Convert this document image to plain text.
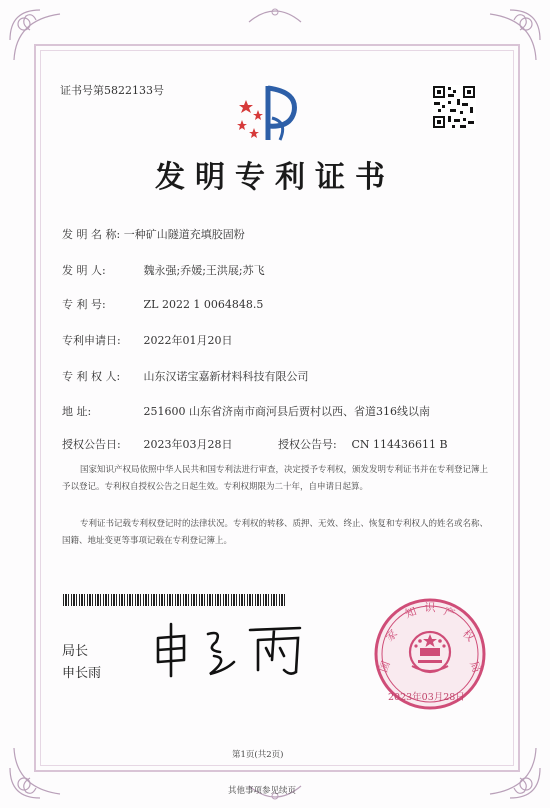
证书号第5822133号
发明专利证书
发 明 名 称: 一种矿山隧道充填胶固粉
发 明 人:	魏永强;乔媛;王洪展;苏飞
专 利 号:	ZL 2022 1 0064848.5
专利申请日: 2022年01月20日
专 利 权 人: 山东汉诺宝嘉新材料科技有限公司
地 址:	251600 山东省济南市商河县后贾村以西、省道316线以南
授权公告日: 2023年03月28日	授权公告号: CN 114436611 B
国家知识产权局依照中华人民共和国专利法进行审查，决定授予专利权，颁发发明专利证书并在专利登记簿上予以登记。专利权自授权公告之日起生效。专利权期限为二十年，自申请日起算。
专利证书记载专利权登记时的法律状况。专利权的转移、质押、无效、终止、恢复和专利权人的姓名或名称、国籍、地址变更等事项记载在专利登记簿上。
局长
申长雨	国
家
知 识 产
权
局
2023年03月28日
第1页(共2页)
其他事项参见续页
